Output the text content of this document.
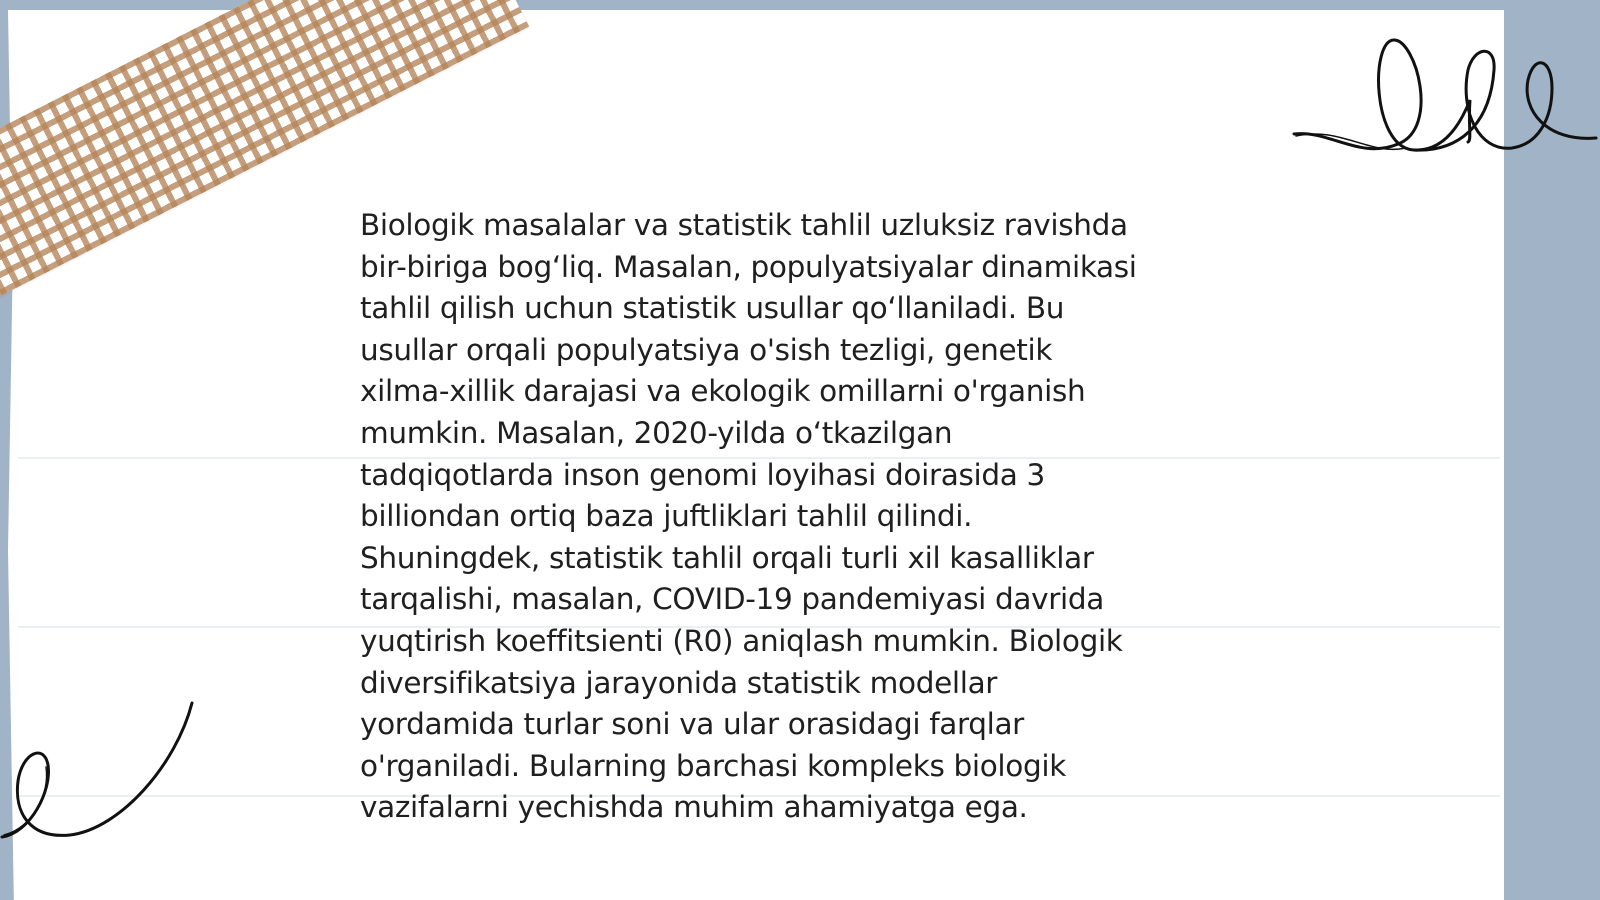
Biologik masalalar va statistik tahlil uzluksiz ravishda
bir-biriga bog‘liq. Masalan, populyatsiyalar dinamikasi
tahlil qilish uchun statistik usullar qo‘llaniladi. Bu
usullar orqali populyatsiya o'sish tezligi, genetik
xilma-xillik darajasi va ekologik omillarni o'rganish
mumkin. Masalan, 2020-yilda o‘tkazilgan
tadqiqotlarda inson genomi loyihasi doirasida 3
billiondan ortiq baza juftliklari tahlil qilindi.
Shuningdek, statistik tahlil orqali turli xil kasalliklar
tarqalishi, masalan, COVID-19 pandemiyasi davrida
yuqtirish koeffitsienti (R0) aniqlash mumkin. Biologik
diversifikatsiya jarayonida statistik modellar
yordamida turlar soni va ular orasidagi farqlar
o'rganiladi. Bularning barchasi kompleks biologik
vazifalarni yechishda muhim ahamiyatga ega.
